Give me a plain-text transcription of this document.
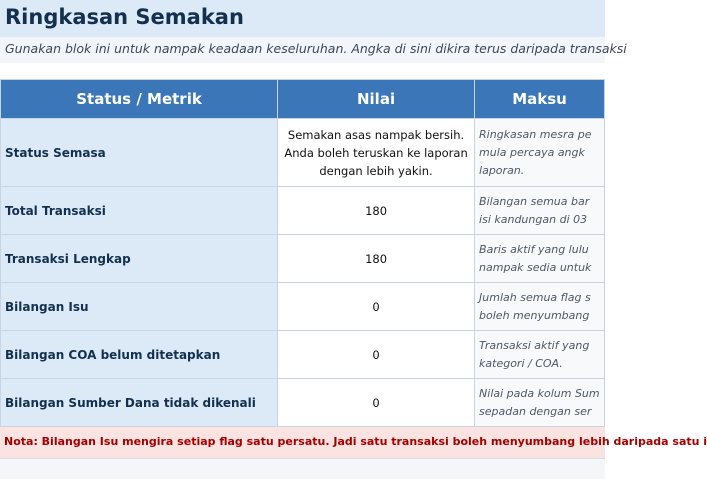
Ringkasan Semakan
Gunakan blok ini untuk nampak keadaan keseluruhan. Angka di sini dikira terus daripada transaksi
Status / Metrik	Nilai	Maksu
Status Semasa	Semakan asas nampak bersih. Anda boleh teruskan ke laporan dengan lebih yakin.	Ringkasan mesra pe
mula percaya angk
laporan.

Total Transaksi	180	Bilangan semua bar
isi kandungan di 03

Transaksi Lengkap	180	Baris aktif yang lulu
nampak sedia untuk

Bilangan Isu	0	Jumlah semua flag s
boleh menyumbang

Bilangan COA belum ditetapkan	0	Transaksi aktif yang
kategori / COA.

Bilangan Sumber Dana tidak dikenali	0	Nilai pada kolum Sum
sepadan dengan ser
Nota: Bilangan Isu mengira setiap flag satu persatu. Jadi satu transaksi boleh menyumbang lebih daripada satu i
